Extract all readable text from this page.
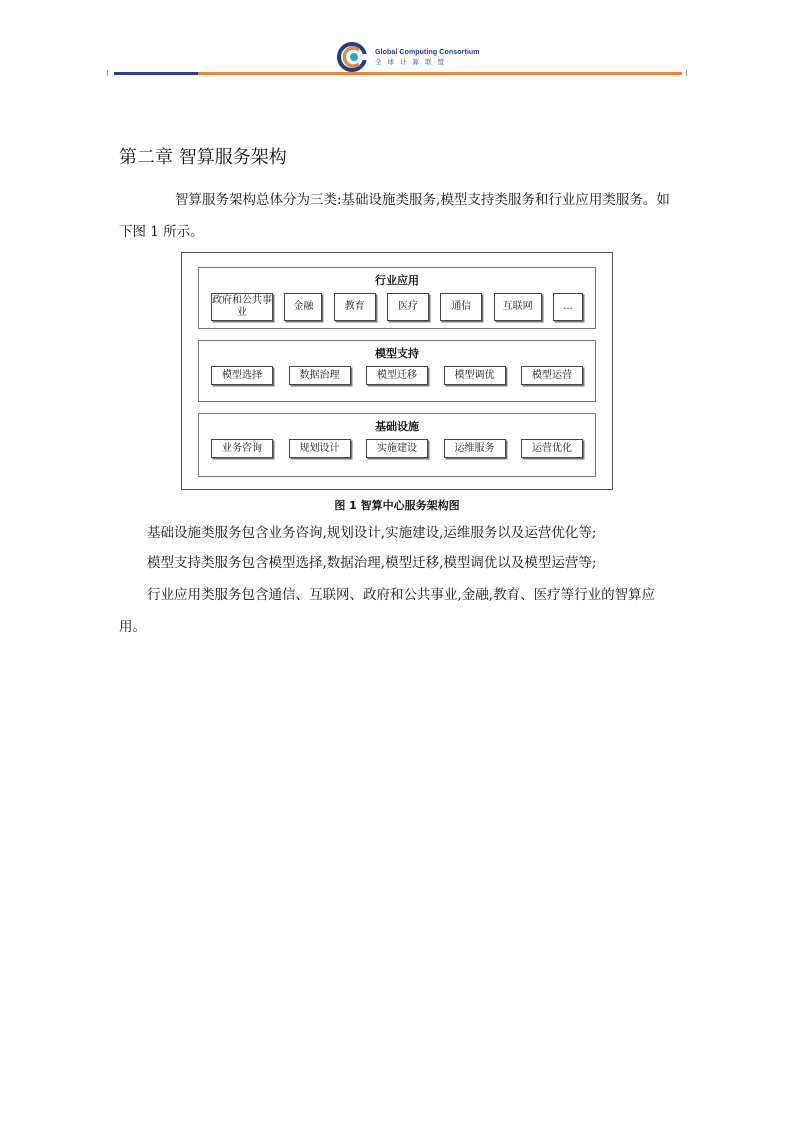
Global Computing Consortium
全球计算联盟
第二章 智算服务架构
智算服务架构总体分为三类:基础设施类服务,模型支持类服务和行业应用类服务。如下图 1 所示。
行业应用
政府和公共事业
金融	教育	医疗	通信	互联网	...
模型支持
模型选择	数据治理	模型迁移	模型调优	模型运营
基础设施
业务咨询	规划设计	实施建设	运维服务	运营优化
图 1 智算中心服务架构图
基础设施类服务包含业务咨询,规划设计,实施建设,运维服务以及运营优化等;
模型支持类服务包含模型选择,数据治理,模型迁移,模型调优以及模型运营等;
行业应用类服务包含通信、互联网、政府和公共事业,金融,教育、医疗等行业的智算应用。
